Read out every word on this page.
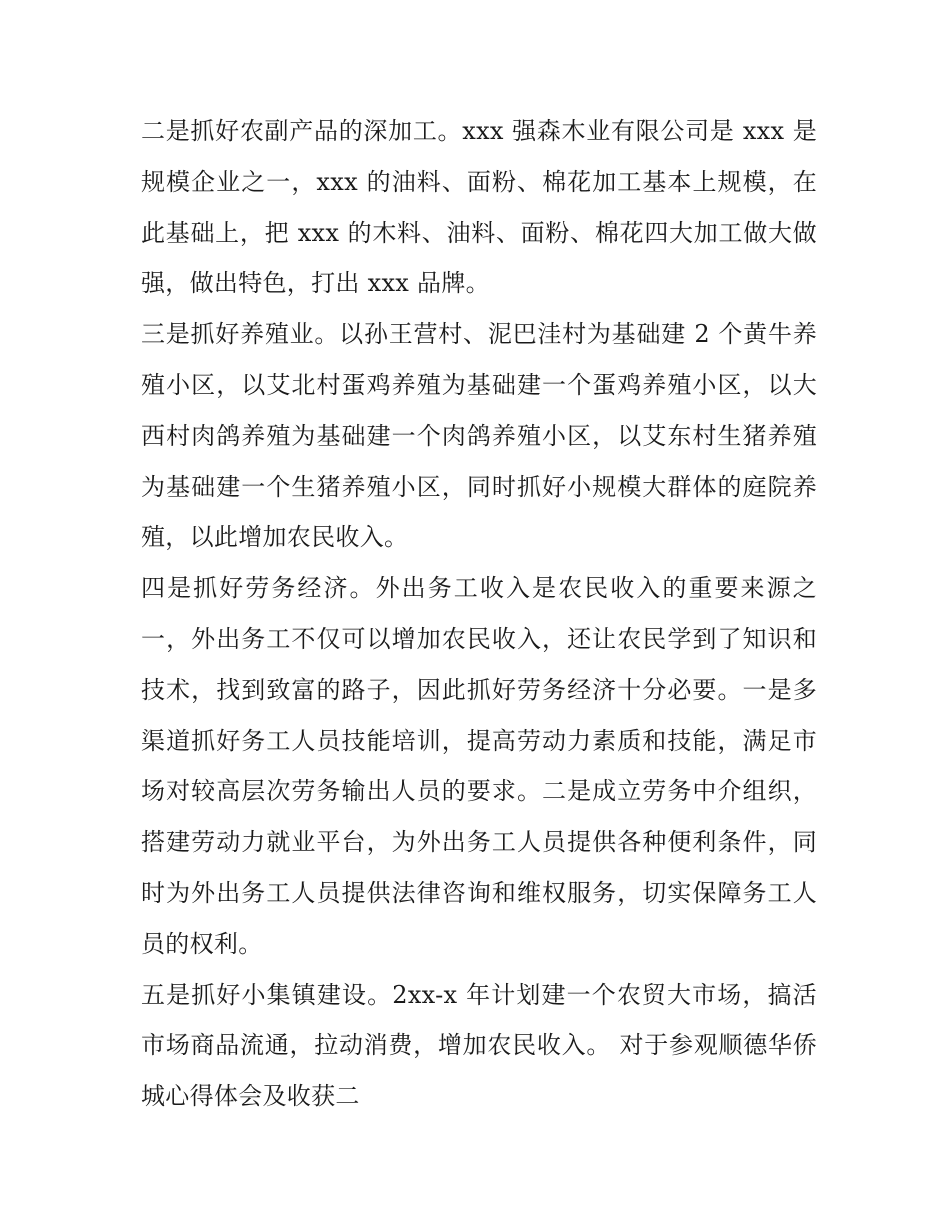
二是抓好农副产品的深加工。xxx 强森木业有限公司是 xxx 是规模企业之一，xxx 的油料、面粉、棉花加工基本上规模，在此基础上，把 xxx 的木料、油料、面粉、棉花四大加工做大做强，做出特色，打出 xxx 品牌。

三是抓好养殖业。以孙王营村、泥巴洼村为基础建 2 个黄牛养殖小区，以艾北村蛋鸡养殖为基础建一个蛋鸡养殖小区，以大西村肉鸽养殖为基础建一个肉鸽养殖小区，以艾东村生猪养殖为基础建一个生猪养殖小区，同时抓好小规模大群体的庭院养殖，以此增加农民收入。

四是抓好劳务经济。外出务工收入是农民收入的重要来源之一，外出务工不仅可以增加农民收入，还让农民学到了知识和技术，找到致富的路子，因此抓好劳务经济十分必要。一是多渠道抓好务工人员技能培训，提高劳动力素质和技能，满足市场对较高层次劳务输出人员的要求。二是成立劳务中介组织，搭建劳动力就业平台，为外出务工人员提供各种便利条件，同时为外出务工人员提供法律咨询和维权服务，切实保障务工人员的权利。

五是抓好小集镇建设。2xx-x 年计划建一个农贸大市场，搞活市场商品流通，拉动消费，增加农民收入。 对于参观顺德华侨城心得体会及收获二
